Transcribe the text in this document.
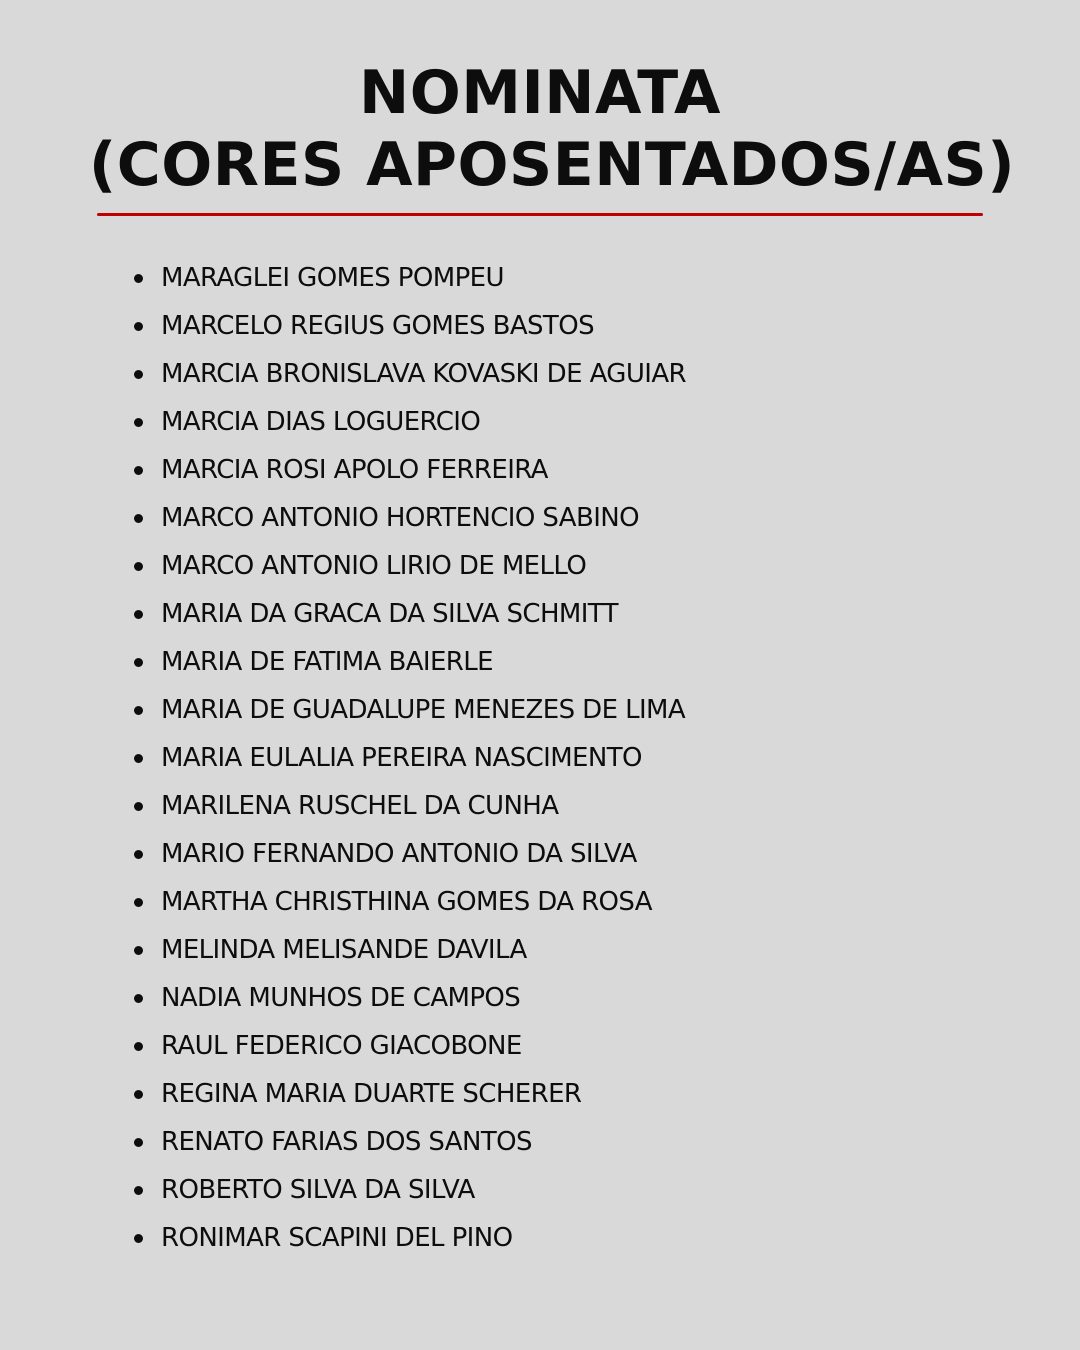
NOMINATA
(CORES APOSENTADOS/AS)
MARAGLEI GOMES POMPEU
MARCELO REGIUS GOMES BASTOS
MARCIA BRONISLAVA KOVASKI DE AGUIAR
MARCIA DIAS LOGUERCIO
MARCIA ROSI APOLO FERREIRA
MARCO ANTONIO HORTENCIO SABINO
MARCO ANTONIO LIRIO DE MELLO
MARIA DA GRACA DA SILVA SCHMITT
MARIA DE FATIMA BAIERLE
MARIA DE GUADALUPE MENEZES DE LIMA
MARIA EULALIA PEREIRA NASCIMENTO
MARILENA RUSCHEL DA CUNHA
MARIO FERNANDO ANTONIO DA SILVA
MARTHA CHRISTHINA GOMES DA ROSA
MELINDA MELISANDE DAVILA
NADIA MUNHOS DE CAMPOS
RAUL FEDERICO GIACOBONE
REGINA MARIA DUARTE SCHERER
RENATO FARIAS DOS SANTOS
ROBERTO SILVA DA SILVA
RONIMAR SCAPINI DEL PINO
